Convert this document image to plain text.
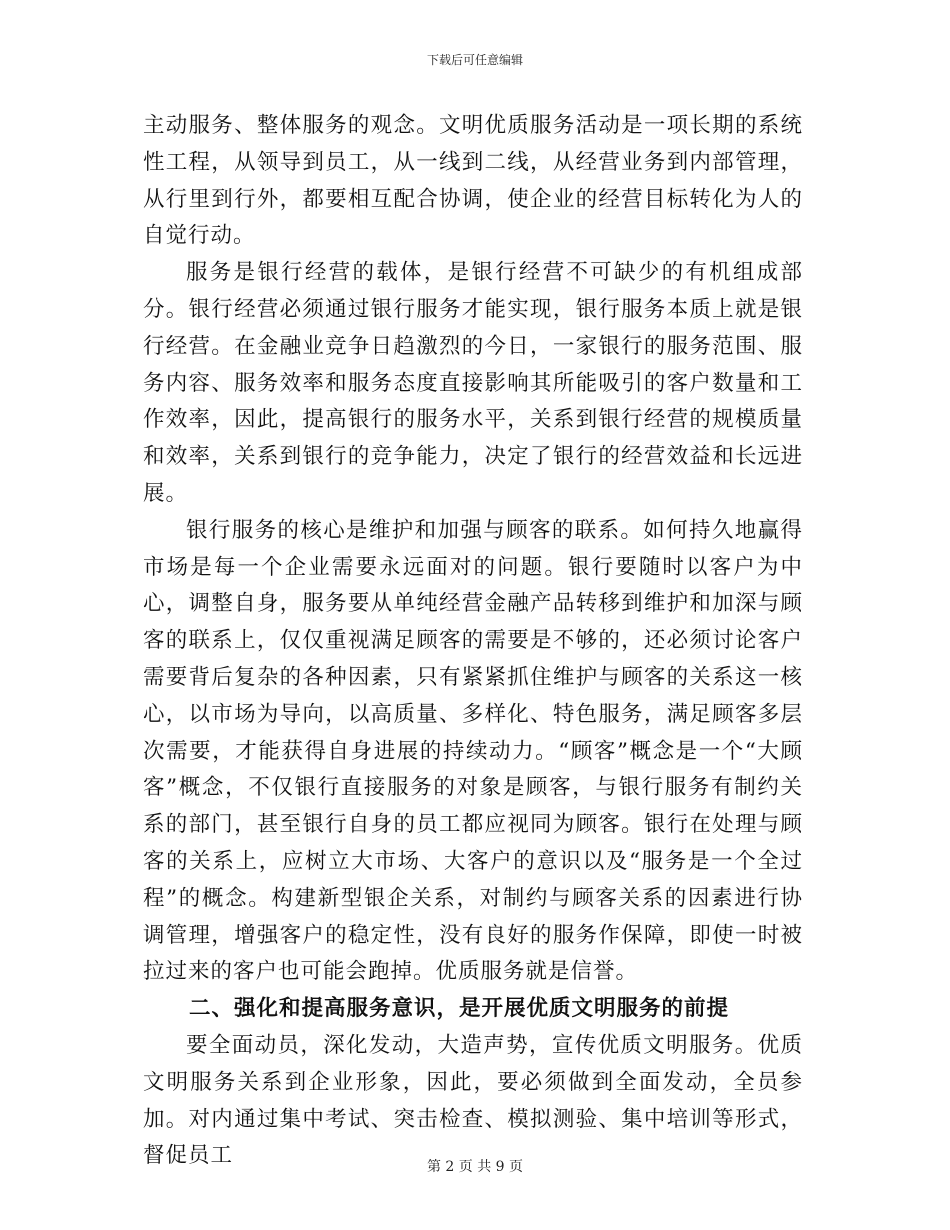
下载后可任意编辑

主动服务、整体服务的观念。文明优质服务活动是一项长期的系统性工程，从领导到员工，从一线到二线，从经营业务到内部管理，从行里到行外，都要相互配合协调，使企业的经营目标转化为人的自觉行动。

服务是银行经营的载体，是银行经营不可缺少的有机组成部分。银行经营必须通过银行服务才能实现，银行服务本质上就是银行经营。在金融业竞争日趋激烈的今日，一家银行的服务范围、服务内容、服务效率和服务态度直接影响其所能吸引的客户数量和工作效率，因此，提高银行的服务水平，关系到银行经营的规模质量和效率，关系到银行的竞争能力，决定了银行的经营效益和长远进展。

银行服务的核心是维护和加强与顾客的联系。如何持久地赢得市场是每一个企业需要永远面对的问题。银行要随时以客户为中心，调整自身，服务要从单纯经营金融产品转移到维护和加深与顾客的联系上，仅仅重视满足顾客的需要是不够的，还必须讨论客户需要背后复杂的各种因素，只有紧紧抓住维护与顾客的关系这一核心，以市场为导向，以高质量、多样化、特色服务，满足顾客多层次需要，才能获得自身进展的持续动力。“顾客”概念是一个“大顾客”概念，不仅银行直接服务的对象是顾客，与银行服务有制约关系的部门，甚至银行自身的员工都应视同为顾客。银行在处理与顾客的关系上，应树立大市场、大客户的意识以及“服务是一个全过程”的概念。构建新型银企关系，对制约与顾客关系的因素进行协调管理，增强客户的稳定性，没有良好的服务作保障，即使一时被拉过来的客户也可能会跑掉。优质服务就是信誉。

二、强化和提高服务意识，是开展优质文明服务的前提

要全面动员，深化发动，大造声势，宣传优质文明服务。优质文明服务关系到企业形象，因此，要必须做到全面发动，全员参加。对内通过集中考试、突击检查、模拟测验、集中培训等形式，督促员工	第 2 页 共 9 页
